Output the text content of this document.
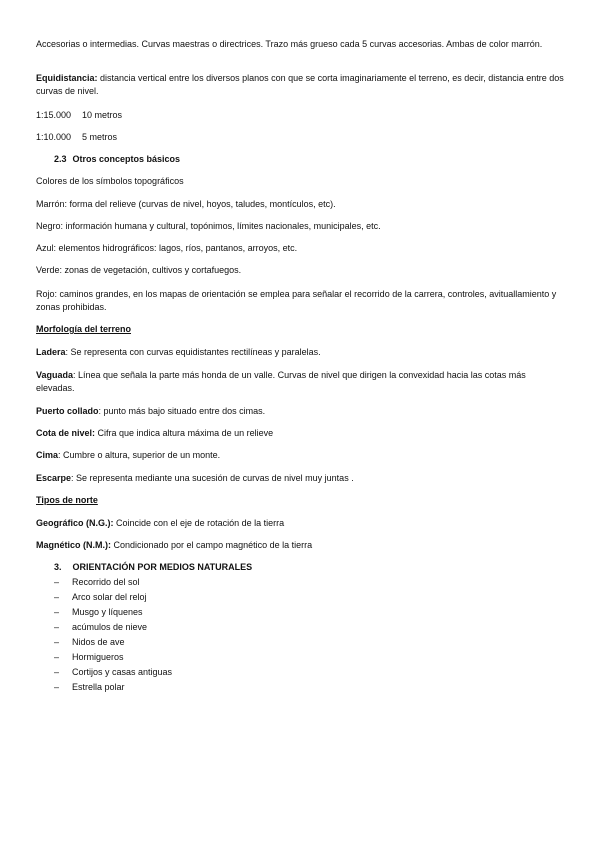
Accesorias o intermedias. Curvas maestras o directrices. Trazo más grueso cada 5 curvas accesorias. Ambas de color marrón.

Equidistancia: distancia vertical entre los diversos planos con que se corta imaginariamente el terreno, es decir, distancia entre dos curvas de nivel.

1:15.000 10 metros

1:10.000 5 metros

2.3 Otros conceptos básicos

Colores de los símbolos topográficos

Marrón: forma del relieve (curvas de nivel, hoyos, taludes, montículos, etc).

Negro: información humana y cultural, topónimos, límites nacionales, municipales, etc.

Azul: elementos hidrográficos: lagos, ríos, pantanos, arroyos, etc.

Verde: zonas de vegetación, cultivos y cortafuegos.

Rojo: caminos grandes, en los mapas de orientación se emplea para señalar el recorrido de la carrera, controles, avituallamiento y zonas prohibidas.

Morfología del terreno

Ladera: Se representa con curvas equidistantes rectilíneas y paralelas.

Vaguada: Línea que señala la parte más honda de un valle. Curvas de nivel que dirigen la convexidad hacia las cotas más elevadas.

Puerto collado: punto más bajo situado entre dos cimas.

Cota de nivel: Cifra que indica altura máxima de un relieve

Cima: Cumbre o altura, superior de un monte.

Escarpe: Se representa mediante una sucesión de curvas de nivel muy juntas .

Tipos de norte

Geográfico (N.G.): Coincide con el eje de rotación de la tierra

Magnético (N.M.): Condicionado por el campo magnético de la tierra

3. ORIENTACIÓN POR MEDIOS NATURALES
– Recorrido del sol
– Arco solar del reloj
– Musgo y líquenes
– acúmulos de nieve
– Nidos de ave
– Hormigueros
– Cortijos y casas antiguas
– Estrella polar
